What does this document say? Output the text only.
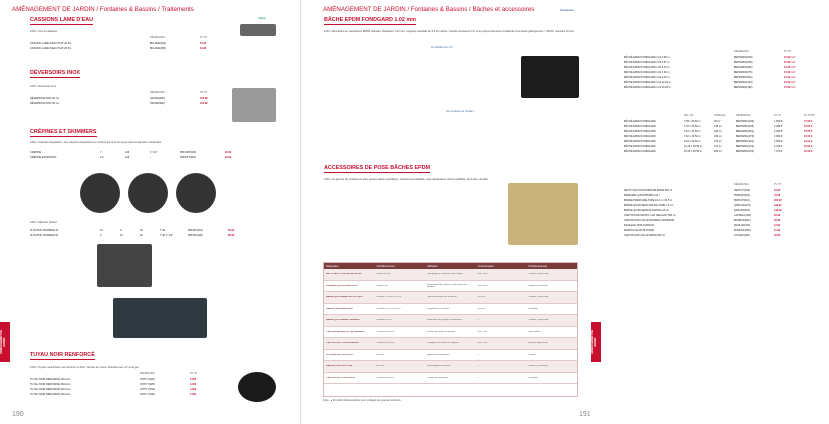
AMÉNAGEMENT DE JARDIN / Fontaines & Bassins / Traitements
Oase
CASSIONS LAME D'EAU
1201 • Inox et plastique
RÉFÉRENCE	PV HT
CASSION LAME D'EAU PLAT 20.5m	BFLAME(030)	15.9€
CASSION LAME D'EAU PLAT 25.5m	BFLAME(035)	19.8€
DÉVERSOIRS INOX
1201 • Déversoirs inox
RÉFÉRENCE	PV HT
DÉVERSOIR INOX 60 cm	INOX60(060)	169.8€
DÉVERSOIR INOX 90 cm	INOX90(090)	225.9€
CRÉPINES ET SKIMMERS
1201 • Crépines d'aspiration. Les crépines d'aspiration se montent par la fin du tuyau selon le diamètre nécessaire.
CRÉPINE	7	12€	1" 1/4"	PRFCRP(030)	23.9€
CRÉPINE EXTENSION	4.5	12€	-	PRFEXT(050)	29.9€
1201 • Skimmer flottant
FLOATING SKIMMER 10	12	3	20	7"40	PRFSKI(010)	65.9€
FLOATING SKIMMER 20	2	10	40	7"40 1" 1/2"	PRFSKI(020)	89.9€
TUYAU NOIR RENFORCÉ
1201 • Tuyaux caoutchouc noir renforcé en fibre. Vendus au mètre. Résistant aux UV et au gel.
RÉFÉRENCE	PV HT
TUYAU NOIR RENFORCÉ 20mm/m	INTTUY(020)	3.60€
TUYAU NOIR RENFORCÉ 25mm/m	INTTUY(025)	3.95€
TUYAU NOIR RENFORCÉ 32mm/m	INTTUY(032)	4.90€
TUYAU NOIR RENFORCÉ 40mm/m	INTTUY(040)	7.20€
AMÉNAGEMENT DE JARDIN
190
AMÉNAGEMENT DE JARDIN / Fontaines & Bassins / Bâches et accessoires	Firestone
BÂCHE EPDM FONDGARD 1.02 mm
1201 • Membrane en caoutchouc EPDM résistant. Épaisseur 1.02 mm. Largeurs standard de 3 à 15 mètres. Grande résistance (UV et au poinçonnement) et élasticité importante (allongement > 300%). Garantie 20 ans.
Au détail (au m²)
RÉFÉRENCE	PV HT
BÂCHE EPDM FONDGARD 1.02 3.05 m	BEPDMRO(030)	15.9€ / m²
BÂCHE EPDM FONDGARD 1.02 4.57 m	BEPDMRO(045)	15.9€ / m²
BÂCHE EPDM FONDGARD 1.02 6.10 m	BEPDMRO(061)	15.9€ / m²
BÂCHE EPDM FONDGARD 1.02 7.62 m	BEPDMRO(076)	15.9€ / m²
BÂCHE EPDM FONDGARD 1.02 9.15 m	BEPDMRO(091)	15.9€ / m²
BÂCHE EPDM FONDGARD 1.02 12.20 m	BEPDMRO(122)	15.9€ / m²
BÂCHE EPDM FONDGARD 1.02 15.25 m	BEPDMRO(152)	15.9€ / m²
Au rouleau (à l'unité)
DIM. (M)	SURFACE	RÉFÉRENCE	PV HT	PV HT/M²
BÂCHE EPDM FONDGARD	3.05 x 30.50 m	93 m²	BEPDMRL(030)	1 590 €	17.09 €
BÂCHE EPDM FONDGARD	4.57 x 30.50 m	139 m²	BEPDMRL(045)	2 298 €	16.53 €
BÂCHE EPDM FONDGARD	6.10 x 30.50 m	186 m²	BEPDMRL(061)	3 069 €	16.50 €
BÂCHE EPDM FONDGARD	7.62 x 30.50 m	232 m²	BEPDMRL(076)	3 836 €	16.53 €
BÂCHE EPDM FONDGARD	9.15 x 30.50 m	279 m²	BEPDMRL(091)	4 605 €	16.51 €
BÂCHE EPDM FONDGARD	12.20 x 30.50 m	372 m²	BEPDMRL(122)	6 138 €	16.50 €
BÂCHE EPDM FONDGARD	15.25 x 30.50 m	465 m²	BEPDMRL(152)	7 673 €	16.50 €
ACCESSOIRES DE POSE BÂCHES EPDM
1201 • La gamme de produits est sans aucune liaison spécifique ; entièrement utilisable, avec déclarations d'incompatibilité, de limites, durable.
RÉFÉRENCE	PV HT
NETTOYANT POUR BÂCHE EPDM 500 ml	NETTOY(500)	24.9€
PRIMAIRE QUICKPRIME 0.94 l	PRIMQP(094)	44.9€
BANDE PRESSURE-TAPE 10 cm x 30.5 m	PRSTAP(010)	295.0€
BANDE QUICKSEAM SPLICE-TAPE 7.6 cm	QSPLICE(076)	189.0€
BANDE QUICKSEAM FLASHING 23 cm	QSFLSH(023)	149.0€
CARTOUCHE MASTIC LAP SEALANT 300 ml	LAPSEAL(300)	18.9€
CARTOUCHE COLLE BONDING ADHESIVE	BONDAD(001)	49.9€
ROULEAU APPLICATEUR	ROULAP(010)	12.9€
MAROUFLEUR SILICONE	MAROUF(050)	11.9€
CARTOUCHE COLLE EPDM 290 ml	COLLEP(290)	22.9€
AMÉNAGEMENT DE JARDIN
191
Désignation	Conditionnement	Utilisation	Consommation	Produits associés
NETTOYANT POUR BÂCHE EPDM	Flacon 500 ml	Nettoyage de la bâche avant collage	Env. 10 m²	Primaire QuickPrime
PRIMAIRE QUICKPRIME PLUS	Bidon 0.94 l	Préparation des surfaces avant pose des bandes	Env. 10 m²	Bandes QuickSeam
BANDE QUICKSEAM SPLICE-TAPE	Rouleau 7.6 cm x 30.5 m	Jonction de deux lés de bâche	30.5 ml	Primaire QuickPrime
BANDE PRESSURE-TAPE	Rouleau 10 cm x 30.5 m	Réparation et raccords	30.5 ml	Nettoyant
BANDE QUICKSEAM FLASHING	Rouleau 23 cm	Étanchéité des angles et traversées	—	Primaire QuickPrime
CARTOUCHE MASTIC LAP SEALANT	Cartouche 300 ml	Finition des bords de bandes	Env. 7 ml	Lap Sealant
CARTOUCHE COLLE BONDING	Cartouche 290 ml	Collage de la bâche sur supports	Env. 1 m²	Rouleau applicateur
ROULEAU APPLICATEUR	À l'unité	Application du primaire	—	Primaire
MAROUFLEUR SILICONE	À l'unité	Marouflage des bandes	—	Bandes QuickSeam
CARTOUCHE COLLE EPDM	Cartouche 290 ml	Collage de réparation	—	Nettoyant
Nota : ● Produits indispensables pour collages de grandes surfaces
